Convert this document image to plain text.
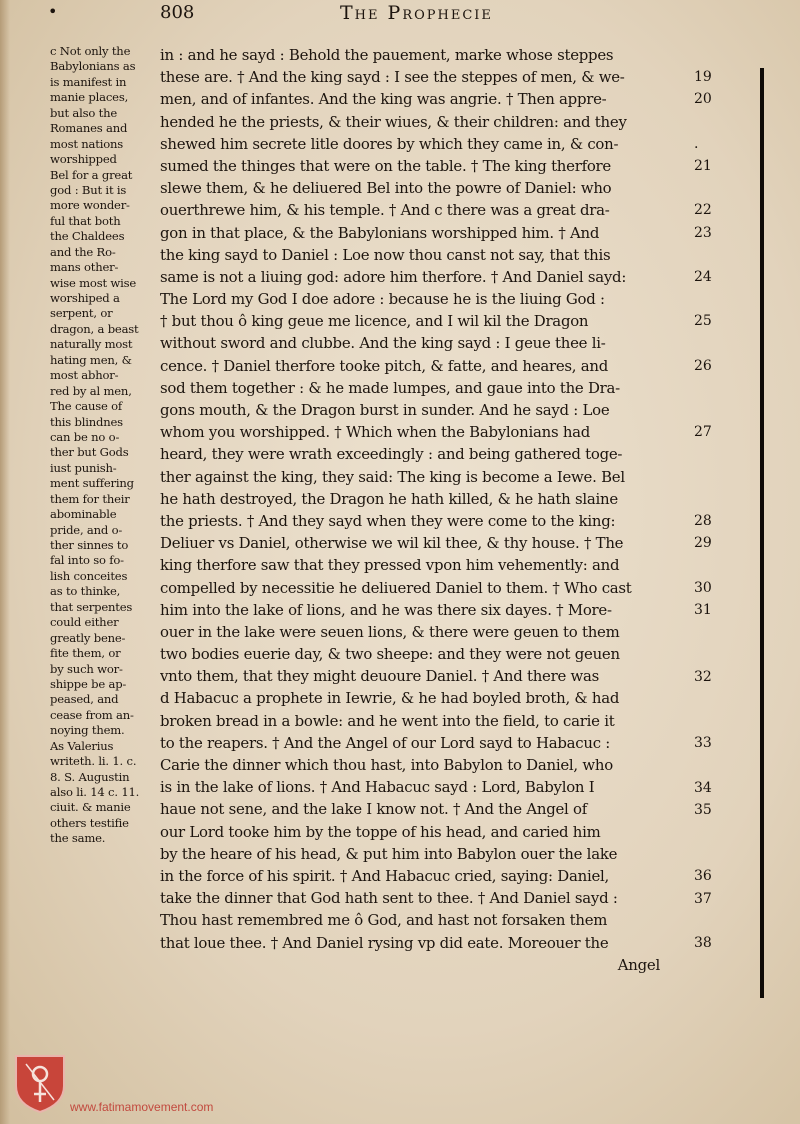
•	808	The Prophecie
c Not only the
Babylonians as
is manifest in
manie places,
but also the
Romanes and
most nations
worshipped
Bel for a great
god : But it is
more wonder-
ful that both
the Chaldees
and the Ro-
mans other-
wise most wise
worshiped a
serpent, or
dragon, a beast
naturally most
hating men, &
most abhor-
red by al men,
The cause of
this blindnes
can be no o-
ther but Gods
iust punish-
ment suffering
them for their
abominable
pride, and o-
ther sinnes to
fal into so fo-
lish conceites
as to thinke,
that serpentes
could either
greatly bene-
fite them, or
by such wor-
shippe be ap-
peased, and
cease from an-
noying them.
As Valerius
writeth. li. 1. c.
8. S. Augustin
also li. 14 c. 11.
ciuit. & manie
others testifie
the same.
in : and he sayd : Behold the pauement, marke whose steppes
these are. † And the king sayd : I see the steppes of men, & we-
men, and of infantes. And the king was angrie. † Then appre-
hended he the priests, & their wiues, & their children: and they
shewed him secrete litle doores by which they came in, & con-
sumed the thinges that were on the table. † The king therfore
slewe them, & he deliuered Bel into the powre of Daniel: who
ouerthrewe him, & his temple. † And c there was a great dra-
gon in that place, & the Babylonians worshipped him. † And
the king sayd to Daniel : Loe now thou canst not say, that this
same is not a liuing god: adore him therfore. † And Daniel sayd:
The Lord my God I doe adore : because he is the liuing God :
† but thou ô king geue me licence, and I wil kil the Dragon
without sword and clubbe. And the king sayd : I geue thee li-
cence. † Daniel therfore tooke pitch, & fatte, and heares, and
sod them together : & he made lumpes, and gaue into the Dra-
gons mouth, & the Dragon burst in sunder. And he sayd : Loe
whom you worshipped. † Which when the Babylonians had
heard, they were wrath exceedingly : and being gathered toge-
ther against the king, they said: The king is become a Iewe. Bel
he hath destroyed, the Dragon he hath killed, & he hath slaine
the priests. † And they sayd when they were come to the king:
Deliuer vs Daniel, otherwise we wil kil thee, & thy house. † The
king therfore saw that they pressed vpon him vehemently: and
compelled by necessitie he deliuered Daniel to them. † Who cast
him into the lake of lions, and he was there six dayes. † More-
ouer in the lake were seuen lions, & there were geuen to them
two bodies euerie day, & two sheepe: and they were not geuen
vnto them, that they might deuoure Daniel. † And there was
d Habacuc a prophete in Iewrie, & he had boyled broth, & had
broken bread in a bowle: and he went into the field, to carie it
to the reapers. † And the Angel of our Lord sayd to Habacuc :
Carie the dinner which thou hast, into Babylon to Daniel, who
is in the lake of lions. † And Habacuc sayd : Lord, Babylon I
haue not sene, and the lake I know not. † And the Angel of
our Lord tooke him by the toppe of his head, and caried him
by the heare of his head, & put him into Babylon ouer the lake
in the force of his spirit. † And Habacuc cried, saying: Daniel,
take the dinner that God hath sent to thee. † And Daniel sayd :
Thou hast remembred me ô God, and hast not forsaken them
that loue thee. † And Daniel rysing vp did eate. Moreouer the
Angel
19
20
.
21
22
23
24
25
26
27
28
29
30
31
32
33
34
35
36
37
38
www.fatimamovement.com
